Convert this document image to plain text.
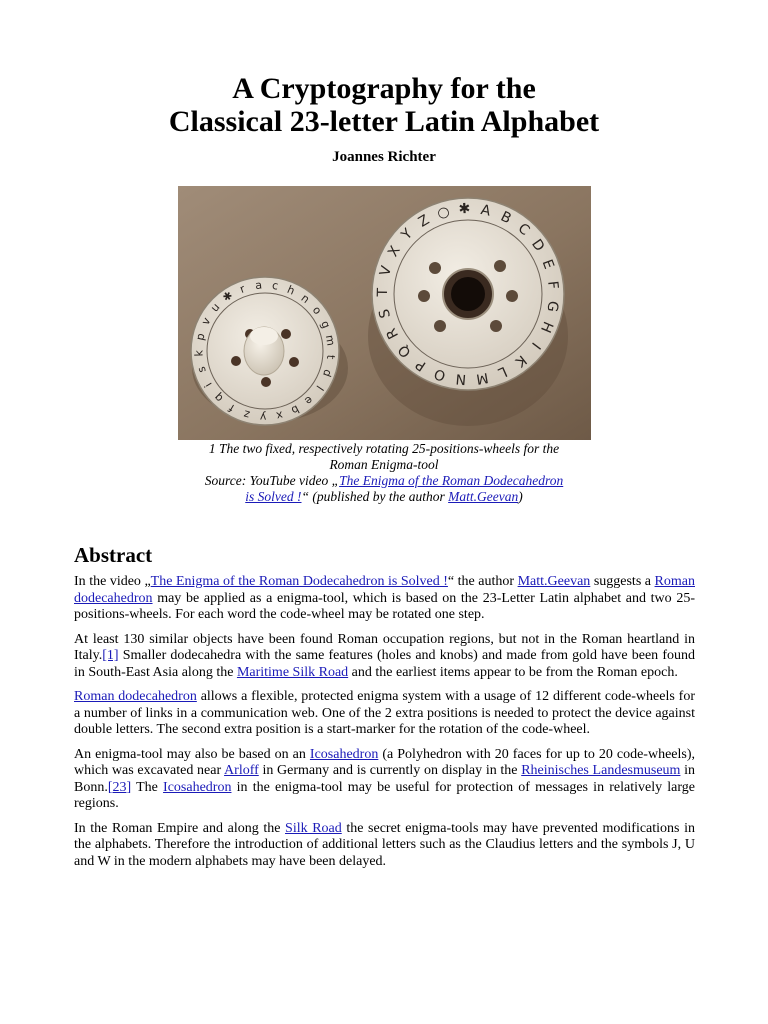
A Cryptography for the
Classical 23-letter Latin Alphabet
Joannes Richter
r a c h
n
o
g
m
t
d
l
e
b
x
y
z
f
q
i
s
k
p
v
u
✱
A B
C
D
E
F
G
H
I
K
L
M
N
O
P
Q
R
S
T
V
X
Y
Z ○ ✱
1 The two fixed, respectively rotating 25-positions-wheels for the
Roman Enigma-tool
Source: YouTube video „The Enigma of the Roman Dodecahedron
is Solved !“ (published by the author Matt.Geevan)
Abstract

In the video „The Enigma of the Roman Dodecahedron is Solved !“ the author Matt.Geevan suggests a Roman dodecahedron may be applied as a enigma-tool, which is based on the 23-Letter Latin alphabet and two 25-positions-wheels. For each word the code-wheel may be rotated one step.

At least 130 similar objects have been found Roman occupation regions, but not in the Roman heartland in Italy.[1] Smaller dodecahedra with the same features (holes and knobs) and made from gold have been found in South-East Asia along the Maritime Silk Road and the earliest items appear to be from the Roman epoch.

Roman dodecahedron allows a flexible, protected enigma system with a usage of 12 different code-wheels for a number of links in a communication web. One of the 2 extra positions is needed to protect the device against double letters. The second extra position is a start-marker for the rotation of the code-wheel.

An enigma-tool may also be based on an Icosahedron (a Polyhedron with 20 faces for up to 20 code-wheels), which was excavated near Arloff in Germany and is currently on display in the Rheinisches Landesmuseum in Bonn.[23] The Icosahedron in the enigma-tool may be useful for protection of messages in relatively large regions.

In the Roman Empire and along the Silk Road the secret enigma-tools may have prevented modifications in the alphabets. Therefore the introduction of additional letters such as the Claudius letters and the symbols J, U and W in the modern alphabets may have been delayed.
